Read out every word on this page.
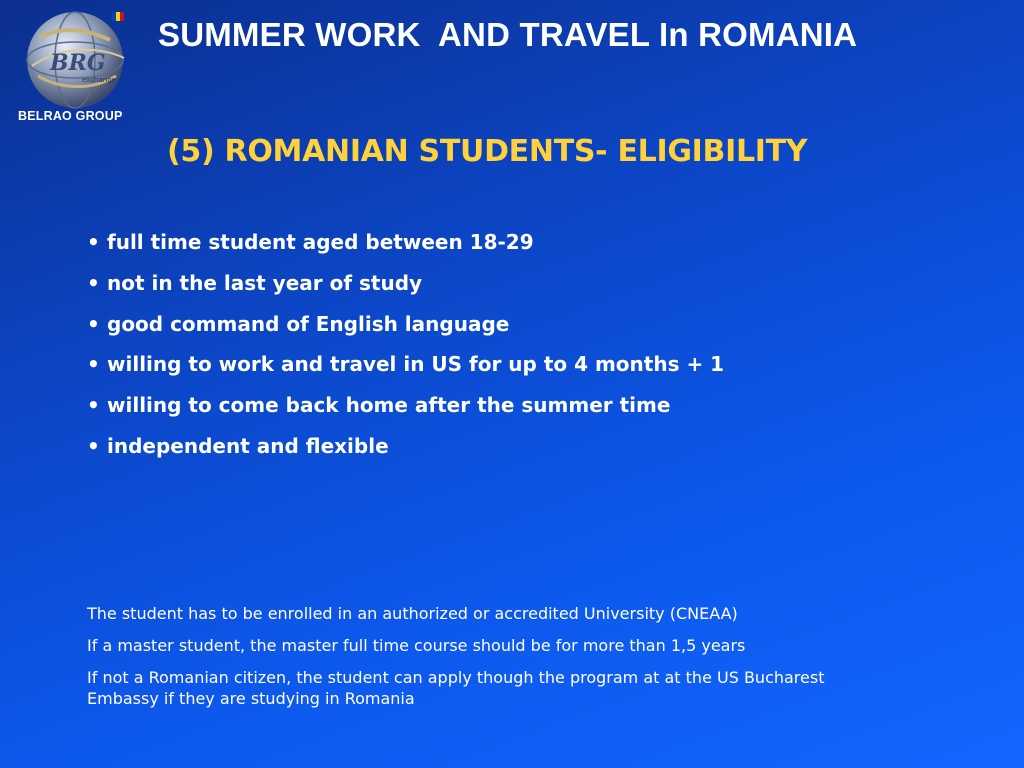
BRG
exchange
BELRAO GROUP
SUMMER WORK  AND TRAVEL In ROMANIA
(5) ROMANIAN STUDENTS- ELIGIBILITY
• full time student aged between 18-29
• not in the last year of study
• good command of English language
• willing to work and travel in US for up to 4 months + 1
• willing to come back home after the summer time
• independent and flexible
The student has to be enrolled in an authorized or accredited University (CNEAA)
If a master student, the master full time course should be for more than 1,5 years
If not a Romanian citizen, the student can apply though the program at at the US Bucharest Embassy if they are studying in Romania
